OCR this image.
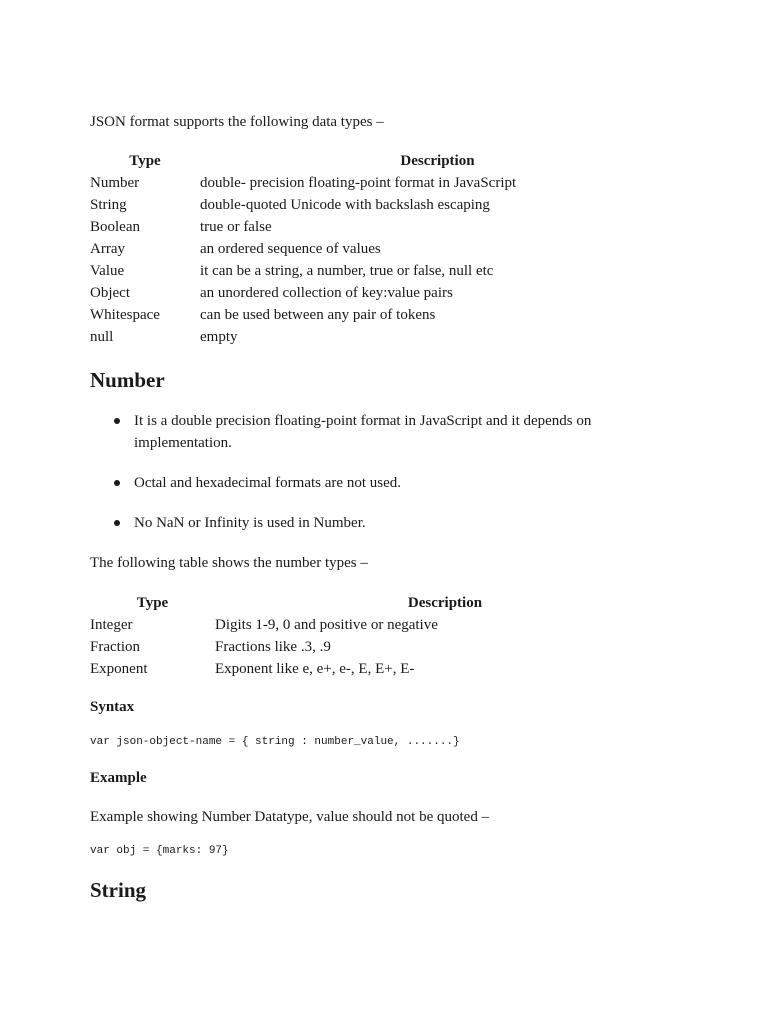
JSON format supports the following data types –

Type	Description
Number	double- precision floating-point format in JavaScript
String	double-quoted Unicode with backslash escaping
Boolean	true or false
Array	an ordered sequence of values
Value	it can be a string, a number, true or false, null etc
Object	an unordered collection of key:value pairs
Whitespace	can be used between any pair of tokens
null	empty
Number
It is a double precision floating-point format in JavaScript and it depends on implementation.
Octal and hexadecimal formats are not used.
No NaN or Infinity is used in Number.

The following table shows the number types –

Type	Description
Integer	Digits 1-9, 0 and positive or negative
Fraction	Fractions like .3, .9
Exponent	Exponent like e, e+, e-, E, E+, E-
Syntax
var json-object-name = { string : number_value, .......}
Example

Example showing Number Datatype, value should not be quoted –

var obj = {marks: 97}
String
